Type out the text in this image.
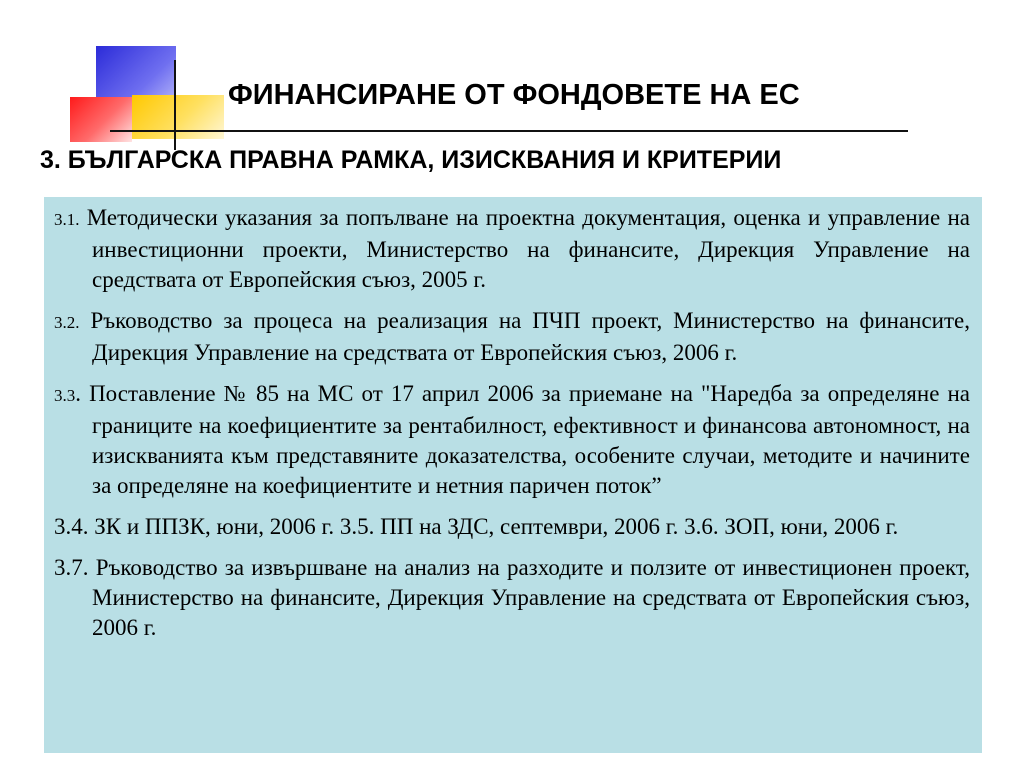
ФИНАНСИРАНЕ ОТ ФОНДОВЕТЕ НА ЕС
3. БЪЛГАРСКА ПРАВНА РАМКА, ИЗИСКВАНИЯ И КРИТЕРИИ
3.1. Методически указания за попълване на проектна документация, оценка и управление на инвестиционни проекти, Министерство на финансите, Дирекция Управление на средствата от Европейския съюз, 2005 г.
3.2. Ръководство за процеса на реализация на ПЧП проект, Министерство на финансите, Дирекция Управление на средствата от Европейския съюз, 2006 г.
3.3. Поставление № 85 на МС от 17 април 2006 за приемане на "Наредба за определяне на границите на коефициентите за рентабилност, ефективност и финансова автономност, на изискванията към представяните доказателства, особените случаи, методите и начините за определяне на коефициентите и нетния паричен поток”
3.4. ЗК и ППЗК, юни, 2006 г. 3.5. ПП на ЗДС, септември, 2006 г. 3.6. ЗОП, юни, 2006 г.
3.7. Ръководство за извършване на анализ на разходите и ползите от инвестиционен проект, Министерство на финансите, Дирекция Управление на средствата от Европейския съюз, 2006 г.
